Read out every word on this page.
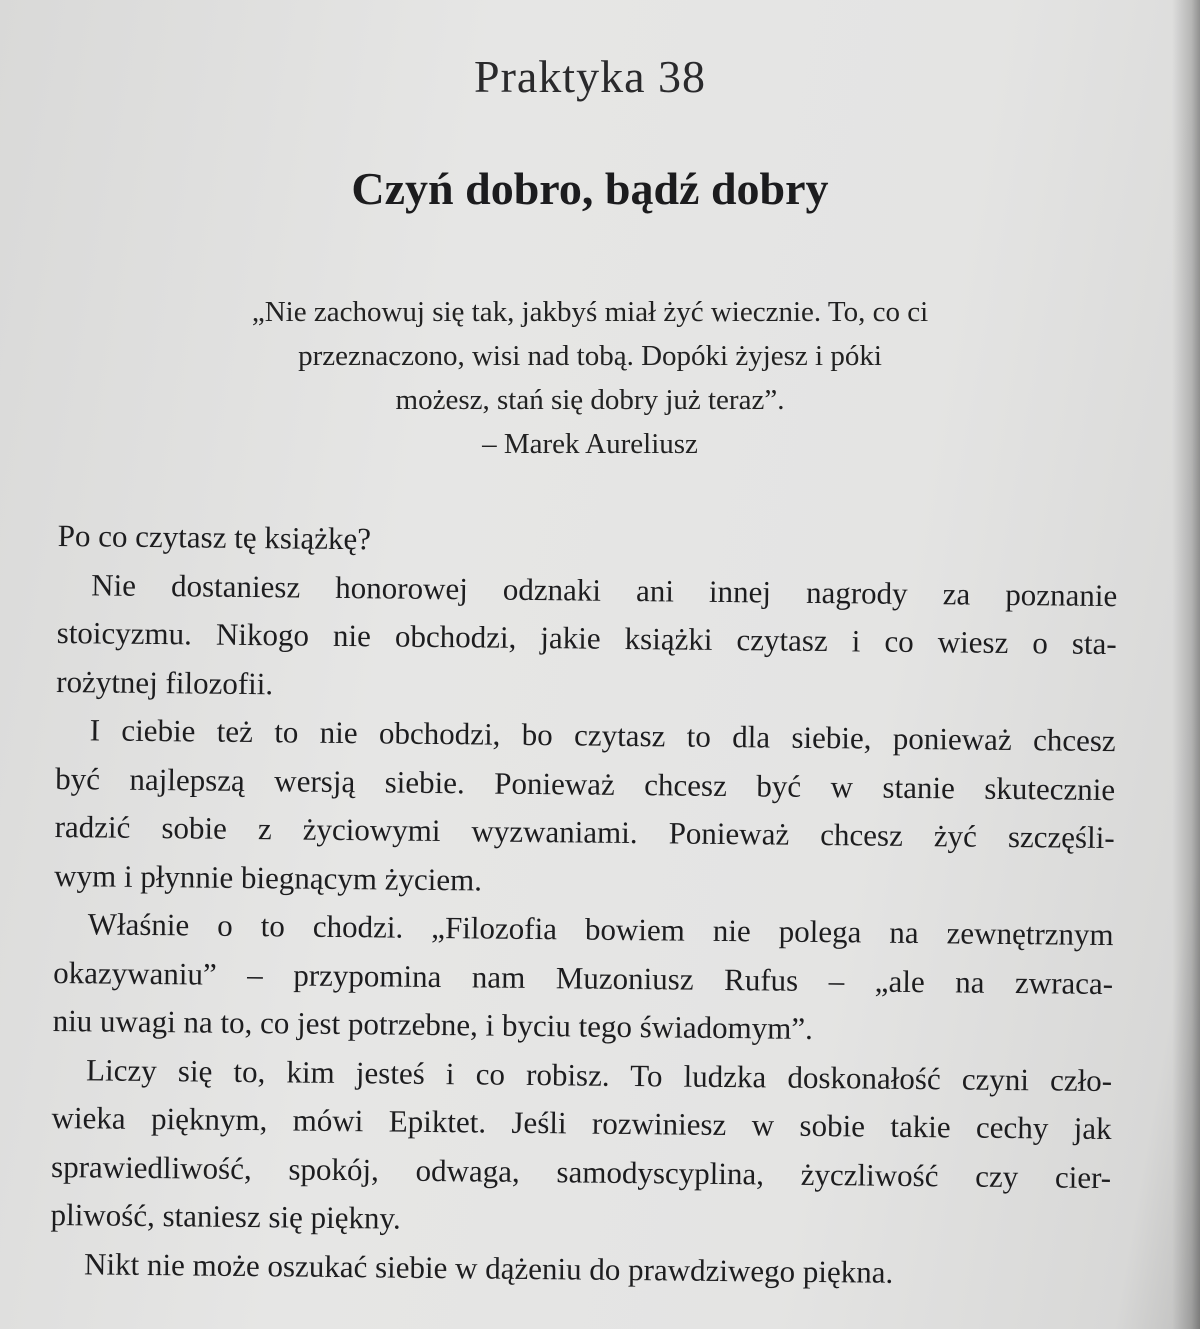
Praktyka 38
Czyń dobro, bądź dobry
„Nie zachowuj się tak, jakbyś miał żyć wiecznie. To, co ci
przeznaczono, wisi nad tobą. Dopóki żyjesz i póki
możesz, stań się dobry już teraz”.
– Marek Aureliusz
Po co czytasz tę książkę?
Nie dostaniesz honorowej odznaki ani innej nagrody za poznanie
stoicyzmu. Nikogo nie obchodzi, jakie książki czytasz i co wiesz o sta-
rożytnej filozofii.
I ciebie też to nie obchodzi, bo czytasz to dla siebie, ponieważ chcesz
być najlepszą wersją siebie. Ponieważ chcesz być w stanie skutecznie
radzić sobie z życiowymi wyzwaniami. Ponieważ chcesz żyć szczęśli-
wym i płynnie biegnącym życiem.
Właśnie o to chodzi. „Filozofia bowiem nie polega na zewnętrznym
okazywaniu” – przypomina nam Muzoniusz Rufus – „ale na zwraca-
niu uwagi na to, co jest potrzebne, i byciu tego świadomym”.
Liczy się to, kim jesteś i co robisz. To ludzka doskonałość czyni czło-
wieka pięknym, mówi Epiktet. Jeśli rozwiniesz w sobie takie cechy jak
sprawiedliwość, spokój, odwaga, samodyscyplina, życzliwość czy cier-
pliwość, staniesz się piękny.
Nikt nie może oszukać siebie w dążeniu do prawdziwego piękna.
